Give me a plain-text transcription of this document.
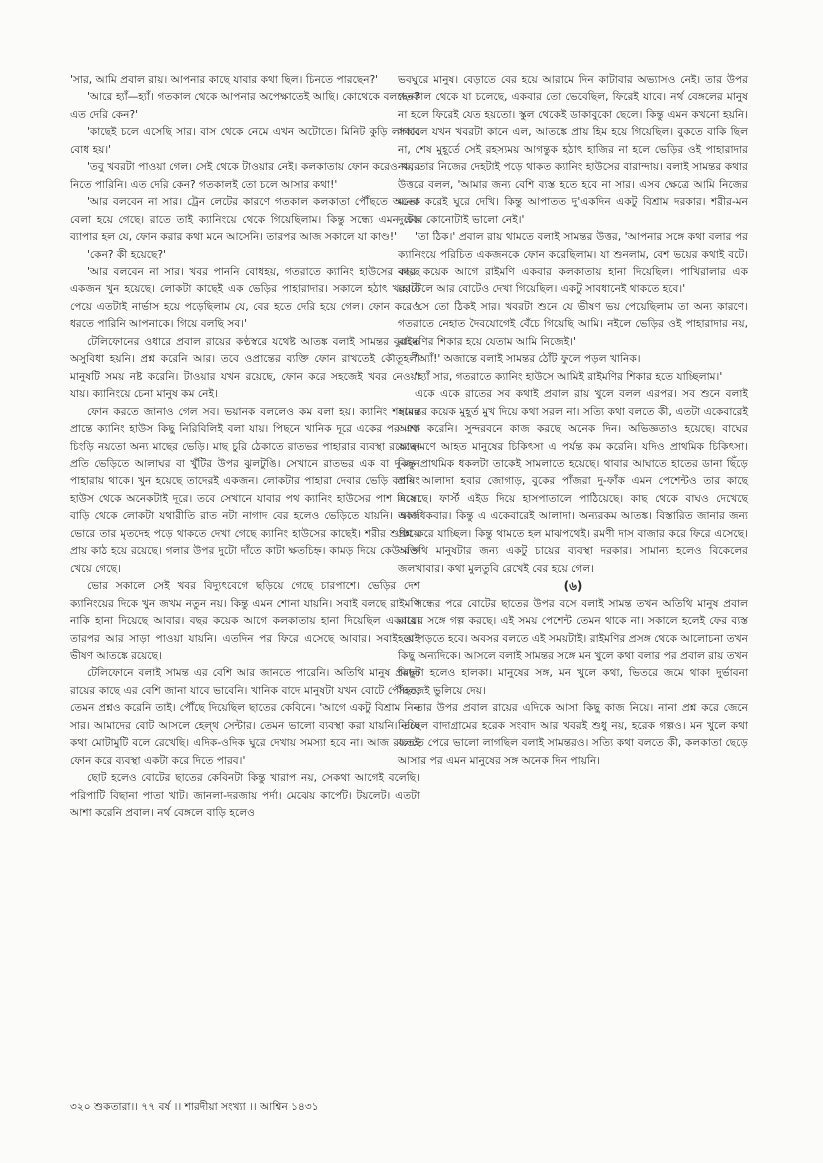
'সার, আমি প্রবাল রায়। আপনার কাছে যাবার কথা ছিল। চিনতে পারছেন?'

'আরে হ্যাঁ—হ্যাঁ। গতকাল থেকে আপনার অপেক্ষাতেই আছি। কোথেকে বলছেন? এত দেরি কেন?'

'কাছেই চলে এসেছি সার। বাস থেকে নেমে এখন অটোতে। মিনিট কুড়ি লাগবে বোধ হয়।'

'তবু খবরটা পাওয়া গেল। সেই থেকে টাওয়ার নেই। কলকাতায় ফোন করেও খবর নিতে পারিনি। এত দেরি কেন? গতকালই তো চলে আসার কথা!'

'আর বলবেন না সার। ট্রেন লেটের কারণে গতকাল কলকাতা পৌঁছতে অনেক বেলা হয়ে গেছে। রাতে তাই ক্যানিংয়ে থেকে গিয়েছিলাম। কিন্তু সন্ধ্যে এমন এক ব্যাপার হল যে, ফোন করার কথা মনে আসেনি। তারপর আজ সকালে যা কাণ্ড!'

'কেন? কী হয়েছে?'

'আর বলবেন না সার। খবর পাননি বোধহয়, গতরাতে ক্যানিং হাউসের কাছে একজন খুন হয়েছে। লোকটা কাছেই এক ভেড়ির পাহারাদার। সকালে হঠাৎ খবরটা পেয়ে এতটাই নার্ভাস হয়ে পড়েছিলাম যে, বের হতে দেরি হয়ে গেল। ফোন করেও ধরতে পারিনি আপনাকে। গিয়ে বলছি সব।'

টেলিফোনের ওধারে প্রবাল রায়ের কণ্ঠস্বরে যথেষ্ট আতঙ্ক বলাই সামন্তর বুঝতে অসুবিধা হয়নি। প্রশ্ন করেনি আর। তবে ওপ্রান্তের ব্যক্তি ফোন রাখতেই কৌতূহলী মানুষটি সময় নষ্ট করেনি। টাওয়ার যখন রয়েছে, ফোন করে সহজেই খবর নেওয়া যায়। ক্যানিংয়ে চেনা মানুষ কম নেই।

ফোন করতে জানাও গেল সব। ভয়ানক বললেও কম বলা হয়। ক্যানিং শহরের প্রান্তে ক্যানিং হাউস কিছু নিরিবিলিই বলা যায়। পিছনে খানিক দূরে একের পর এক চিংড়ি নয়তো অন্য মাছের ভেড়ি। মাছ চুরি ঠেকাতে রাতভর পাহারার ব্যবস্থা রয়েছে। প্রতি ভেড়িতে আলাঘর বা খুঁটির উপর ঝুলটুঙি। সেখানে রাতভর এক বা দু-জন পাহারায় থাকে। খুন হয়েছে তাদেরই একজন। লোকটার পাহারা দেবার ভেড়ি ক্যানিং হাউস থেকে অনেকটাই দূরে। তবে সেখানে যাবার পথ ক্যানিং হাউসের পাশ দিয়ে। বাড়ি থেকে লোকটা যথারীতি রাত নটা নাগাদ বের হলেও ভেড়িতে যায়নি। আজ ভোরে তার মৃতদেহ পড়ে থাকতে দেখা গেছে ক্যানিং হাউসের কাছেই। শরীর শুকিয়ে প্রায় কাঠ হয়ে রয়েছে। গলার উপর দুটো দাঁতে কাটা ক্ষতচিহ্ন। কামড় দিয়ে কেউ রক্ত খেয়ে গেছে।

ভোর সকালে সেই খবর বিদ্যুৎবেগে ছড়িয়ে গেছে চারপাশে। ভেড়ির দেশ ক্যানিংয়ের দিকে খুন জখম নতুন নয়। কিন্তু এমন শোনা যায়নি। সবাই বলছে রাইমণি নাকি হানা দিয়েছে আবার। বছর কয়েক আগে কলকাতায় হানা দিয়েছিল একবার। তারপর আর সাড়া পাওয়া যায়নি। এতদিন পর ফিরে এসেছে আবার। সবাই তাই ভীষণ আতঙ্কে রয়েছে।

টেলিফোনে বলাই সামন্ত এর বেশি আর জানতে পারেনি। অতিথি মানুষ প্রবাল রায়ের কাছে এর বেশি জানা যাবে ভাবেনি। খানিক বাদে মানুষটা যখন বোটে পৌঁছল, তেমন প্রশ্নও করেনি তাই। পৌঁছে দিয়েছিল ছাতের কেবিনে। 'আগে একটু বিশ্রাম নিন সার। আমাদের বোট আসলে হেল্থ সেন্টার। তেমন ভালো ব্যবস্থা করা যায়নি। তবে কথা মোটামুটি বলে রেখেছি। এদিক-ওদিক ঘুরে দেখায় সমস্যা হবে না। আজ রাতেই ফোন করে ব্যবস্থা একটা করে দিতে পারব।'

ছোট হলেও বোটের ছাতের কেবিনটা কিন্তু খারাপ নয়, সেকথা আগেই বলেছি। পরিপাটি বিছানা পাতা খাট। জানলা-দরজায় পর্দা। মেঝেয় কার্পেট। টয়লেট। এতটা আশা করেনি প্রবাল। নর্থ বেঙ্গলে বাড়ি হলেও

ভবঘুরে মানুষ। বেড়াতে বের হয়ে আরামে দিন কাটাবার অভ্যাসও নেই। তার উপর গতকাল থেকে যা চলেছে, একবার তো ভেবেছিল, ফিরেই যাবে। নর্থ বেঙ্গলের মানুষ না হলে ফিরেই যেত হয়তো। স্কুল থেকেই ডাকাবুকো ছেলে। কিন্তু এমন কখনো হয়নি। সকালে যখন খবরটা কানে এল, আতঙ্কে প্রায় হিম হয়ে গিয়েছিল। বুকতে বাকি ছিল না, শেষ মুহূর্তে সেই রহস্যময় আগন্তুক হঠাৎ হাজির না হলে ভেড়ির ওই পাহারাদার নয়, তার নিজের দেহটাই পড়ে থাকত ক্যানিং হাউসের বারান্দায়। বলাই সামন্তর কথার উত্তরে বলল, 'আমার জন্য বেশি ব্যস্ত হতে হবে না সার। এসব ক্ষেত্রে আমি নিজের মতো করেই ঘুরে দেখি। কিন্তু আপাতত দু'একদিন একটু বিশ্রাম দরকার। শরীর-মন দুটোর কোনোটাই ভালো নেই।'

'তা ঠিক।' প্রবাল রায় থামতে বলাই সামন্তর উত্তর, 'আপনার সঙ্গে কথা বলার পর ক্যানিংয়ে পরিচিত একজনকে ফোন করেছিলাম। যা শুনলাম, বেশ ভয়ের কথাই বটে। বছর কয়েক আগে রাইমণি একবার কলকাতায় হানা দিয়েছিল। পাখিরালার এক হোটেলে আর বোটেও দেখা গিয়েছিল। একটু সাবধানেই থাকতে হবে।'

'সে তো ঠিকই সার। খবরটা শুনে যে ভীষণ ভয় পেয়েছিলাম তা অন্য কারণে। গতরাতে নেহাত দৈবযোগেই বেঁচে গিয়েছি আমি। নইলে ভেড়ির ওই পাহারাদার নয়, রাইমণির শিকার হয়ে যেতাম আমি নিজেই।'

'অ্যাঁ!' অজান্তে বলাই সামন্তর ঠোঁট ফুলে পড়ল খানিক।

'হ্যাঁ সার, গতরাতে ক্যানিং হাউসে আমিই রাইমণির শিকার হতে যাচ্ছিলাম।'

একে একে রাতের সব কথাই প্রবাল রায় খুলে বলল এরপর। সব শুনে বলাই সামন্তর কয়েক মুহূর্ত মুখ দিয়ে কথা সরল না। সত্যি কথা বলতে কী, এতটা একেবারেই আশা করেনি। সুন্দরবনে কাজ করছে অনেক দিন। অভিজ্ঞতাও হয়েছে। বাঘের আক্রমণে আহত মানুষের চিকিৎসা এ পর্যন্ত কম করেনি। যদিও প্রাথমিক চিকিৎসা। কিন্তু প্রাথমিক ধকলটা তাকেই সামলাতে হয়েছে। থাবার আঘাতে হাতের ডানা ছিঁড়ে প্রায় আলাদা হবার জোগাড়, বুকের পাঁজরা দু-ফাঁক এমন পেশেন্টও তার কাছে এসেছে। ফার্স্ট এইড দিয়ে হাসপাতালে পাঠিয়েছে। কাছ থেকে বাঘও দেখেছে একাধিকবার। কিন্তু এ একেবারেই আলাদা। অন্যরকম আতঙ্ক। বিস্তারিত জানার জন্য প্রশ্ন করে যাচ্ছিল। কিন্তু থামতে হল মাঝপথেই। রমণী দাস বাজার করে ফিরে এসেছে। অতিথি মানুষটার জন্য একটু চায়ের ব্যবস্থা দরকার। সামান্য হলেও বিকেলের জলখাবার। কথা মুলতুবি রেখেই বের হয়ে গেল।

(৬)

সন্ধের পরে বোটের ছাতের উপর বসে বলাই সামন্ত তখন অতিথি মানুষ প্রবাল রায়ের সঙ্গে গল্প করছে। এই সময় পেশেন্ট তেমন থাকে না। সকালে হলেই ফের ব্যস্ত হয়ে পড়তে হবে। অবসর বলতে এই সময়টাই। রাইমণির প্রসঙ্গ থেকে আলোচনা তখন কিছু অন্যদিকে। আসলে বলাই সামন্তর সঙ্গে মন খুলে কথা বলার পর প্রবাল রায় তখন কিছুটা হলেও হালকা। মানুষের সঙ্গ, মন খুলে কথা, ভিতরে জমে থাকা দুর্ভাবনা সহজেই ভুলিয়ে দেয়।

তার উপর প্রবাল রায়ের এদিকে আসা কিছু কাজ নিয়ে। নানা প্রশ্ন করে জেনে নিচ্ছিল বাদাগ্রামের হরেক সংবাদ আর খবরই শুধু নয়, হরেক গল্পও। মন খুলে কথা বলতে পেরে ভালো লাগছিল বলাই সামন্তরও। সত্যি কথা বলতে কী, কলকাতা ছেড়ে আসার পর এমন মানুষের সঙ্গ অনেক দিন পায়নি।

৩২০ শুকতারা।। ৭৭ বর্ষ ।। শারদীয়া সংখ্যা ।। আশ্বিন ১৪৩১
